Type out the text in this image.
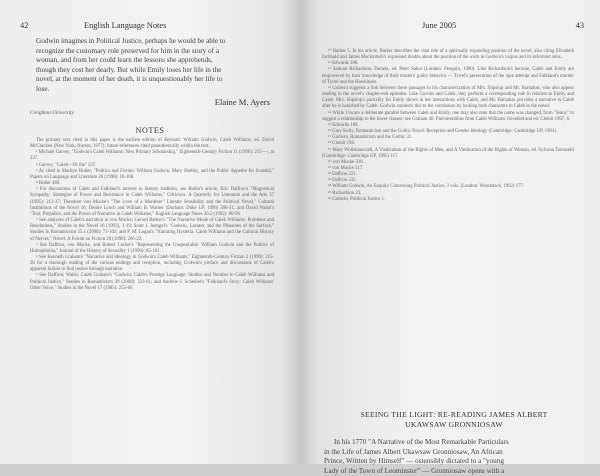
42	English Language Notes
Godwin imagines in Political Justice, perhaps he would be able to
recognize the customary role preserved for him in the story of a
woman, and from her could learn the lessons she apprehends,
though they cost her dearly. But while Emily loses her life in the
novel, at the moment of her death, it is unquestionably her life to
lose.
Elaine M. Ayers
Creighton University
NOTES

The primary text cited in this paper is the earliest edition of Bernard: William Godwin, Caleb Williams, ed. David McCracken (New York: Norton, 1977); future references cited parenthetically within the text.

¹ Michael Garvey, "Godwin's Caleb Williams: New Primary Scholarship," Eighteenth-Century Fiction 11 (1998): 235-—; at 237.

² Garvey, "Caleb—Or the" 237.

³ As cited in Marilyn Butler, "Politics and Fiction: William Godwin, Mary Shelley, and the Public Appetite for Scandal," Papers on Language and Literature 26 (1990): 18-168.

⁴ Butler 469.

⁵ For discussions of Caleb and Falkland's interest in literary tradition, see Butler's article, Eric Daffron's "Magnetical Sympathy: Strategies of Power and Resistance in Caleb Williams," Criticism: A Quarterly for Literature and the Arts 37 (1995): 213-37; Theodore von Mucke's "The Love of a Murderer" Literate Sensibility and the Political Novel," Cultural Institutions of the Novel 16; Deidre Lynch and William B. Warner (Durham: Duke UP, 1996) 306-31; and David Walsh's "Text, Prejudice, and the Prison of Narrative in Caleb Williams," English Language Notes 30.2 (1992): 80-96.

⁶ See analyses of Caleb's narration in von Mucke; Gerard Barker's "The Narrative Mode of Caleb Williams: Problems and Resolutions," Studies in the Novel 16 (1993), 1-19; Scott J. Juengel's "Godwin, Lavater, and the Pleasures of the Surface," Studies in Romanticism 35.1 (2000): 73-102; and P. M. Logan's "Narrating Hysteria: Caleb Williams and the Cultural History of Nerves," Novel: A Forum on Fiction 29 (1996): 206-22.

⁷ See Daffron, von Mucke, and Robert Corber's "Representing the Unspeakable: William Godwin and the Politics of Homophobia," Journal of the History of Sexuality 1 (1990): 85-101.

⁸ See Kenneth Graham's "Narrative and Ideology in Godwin's Caleb Williams," Eighteenth-Century Fiction 2 (1990): 215-28 for a thorough reading of the various endings and reception, including Godwin's preface and discussions of Caleb's apparent failure to find justice through narrative.

⁹ See Daffron; Walsh; Caleb Graham's "Godwin: Caleb's Prestige Language: Studies and Number in Caleb Williams and Political Justice," Studies in Romanticism 39 (2000): 323-61; and Andrew J. Scheiber's "Falkland's Story: Caleb Williams' Other Voice," Studies in the Novel 17 (1985): 255-66.

June 2005	43

¹⁰ Barker 5. In his article, Barker describes the vital role of a spiritually expanding position of the novel, also citing Elizabeth Inchbald and James Mackintosh's expressed doubts about the position of the work in Godwin's corpus and its reformist aims.

¹¹ Edwards 188.

¹² Samuel Richardson, Pamela, ed. Peter Sabor (London: Penguin, 1980). Like Richardson's heroine, Caleb and Emily are empowered by their knowledge of their masters' guilty behavior — Tyrrel's persecution of the rape attempt and Falkland's murder of Tyrrel and the Hawkinses.

¹³ Godwin suggests a link between these passages in his characterization of Mrs. Slipslop and Mr. Barnabas, who also appear reading in the novel's chapter-end episodes. Like Gorrins and Caleb, they perform a corresponding role in relation to Emily and Caleb. Mrs. Slipslop's partiality for Emily shows in her interactions with Caleb, and Mr. Barnabas provides a narrative to Caleb after he is banished by Caleb. Godwin connects this to the conclusion by looking both characters to Caleb in the novel.

¹⁴ While I locate a deliberate parallel between Caleb and Emily, one may also note that the name was changed, from "Jenny" to suggest a relationship to the lower classes; see Graham 48. Parcurrentibus from Caleb Williams Unveiled and ed. Clemit 1997, 6.

¹⁵ Edwards 188.

¹⁶ Gary Kelly, Romanticism and the Gothic Novel: Reception and Gender Ideology (Cambridge: Cambridge UP, 1994).

¹⁷ Godwin, Romanticism and the Gothic 31.

¹⁸ Clemit 194.

¹⁹ Mary Wollstonecraft, A Vindication of the Rights of Men, and A Vindication of the Rights of Woman, ed. Sylvana Tomaselli (Cambridge: Cambridge UP, 1995) 117.

²⁰ von Mucke 318.

²¹ von Mucke 317.

²² Daffron 221.

²³ Daffron 232.

²⁴ William Godwin, An Enquiry Concerning Political Justice, 3 vols. (London: Woodstock, 1992) 177.

²⁵ Richardson 23.

²⁶ Godwin, Political Justice 1.

SEEING THE LIGHT: RE-READING JAMES ALBERT
UKAWSAW GRONNIOSAW

In his 1770 "A Narrative of the Most Remarkable Particulars

in the Life of James Albert Ukawsaw Gronniosaw, An African

Prince, Written by Himself" — ostensibly dictated to a "young

Lady of the Town of Leominster" — Gronniosaw opens with a
